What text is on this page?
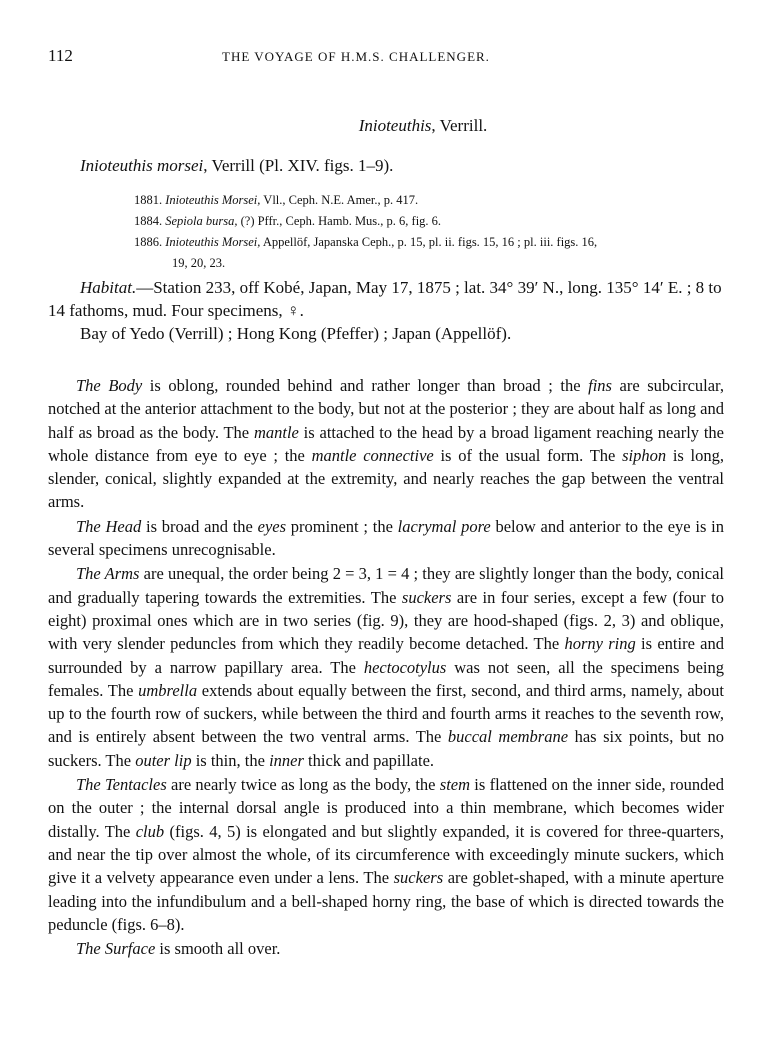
112	THE VOYAGE OF H.M.S. CHALLENGER.
Inioteuthis, Verrill.
Inioteuthis morsei, Verrill (Pl. XIV. figs. 1–9).
1881. Inioteuthis Morsei, Vll., Ceph. N.E. Amer., p. 417.
1884. Sepiola bursa, (?) Pffr., Ceph. Hamb. Mus., p. 6, fig. 6.
1886. Inioteuthis Morsei, Appellöf, Japanska Ceph., p. 15, pl. ii. figs. 15, 16 ; pl. iii. figs. 16,
19, 20, 23.

Habitat.—Station 233, off Kobé, Japan, May 17, 1875 ; lat. 34° 39′ N., long. 135° 14′ E. ; 8 to 14 fathoms, mud. Four specimens, ♀.

Bay of Yedo (Verrill) ; Hong Kong (Pfeffer) ; Japan (Appellöf).

The Body is oblong, rounded behind and rather longer than broad ; the fins are subcircular, notched at the anterior attachment to the body, but not at the posterior ; they are about half as long and half as broad as the body. The mantle is attached to the head by a broad ligament reaching nearly the whole distance from eye to eye ; the mantle connective is of the usual form. The siphon is long, slender, conical, slightly expanded at the extremity, and nearly reaches the gap between the ventral arms.

The Head is broad and the eyes prominent ; the lacrymal pore below and anterior to the eye is in several specimens unrecognisable.

The Arms are unequal, the order being 2 = 3, 1 = 4 ; they are slightly longer than the body, conical and gradually tapering towards the extremities. The suckers are in four series, except a few (four to eight) proximal ones which are in two series (fig. 9), they are hood-shaped (figs. 2, 3) and oblique, with very slender peduncles from which they readily become detached. The horny ring is entire and surrounded by a narrow papillary area. The hectocotylus was not seen, all the specimens being females. The umbrella extends about equally between the first, second, and third arms, namely, about up to the fourth row of suckers, while between the third and fourth arms it reaches to the seventh row, and is entirely absent between the two ventral arms. The buccal membrane has six points, but no suckers. The outer lip is thin, the inner thick and papillate.

The Tentacles are nearly twice as long as the body, the stem is flattened on the inner side, rounded on the outer ; the internal dorsal angle is produced into a thin membrane, which becomes wider distally. The club (figs. 4, 5) is elongated and but slightly expanded, it is covered for three-quarters, and near the tip over almost the whole, of its circumference with exceedingly minute suckers, which give it a velvety appearance even under a lens. The suckers are goblet-shaped, with a minute aperture leading into the infundibulum and a bell-shaped horny ring, the base of which is directed towards the peduncle (figs. 6–8).

The Surface is smooth all over.
